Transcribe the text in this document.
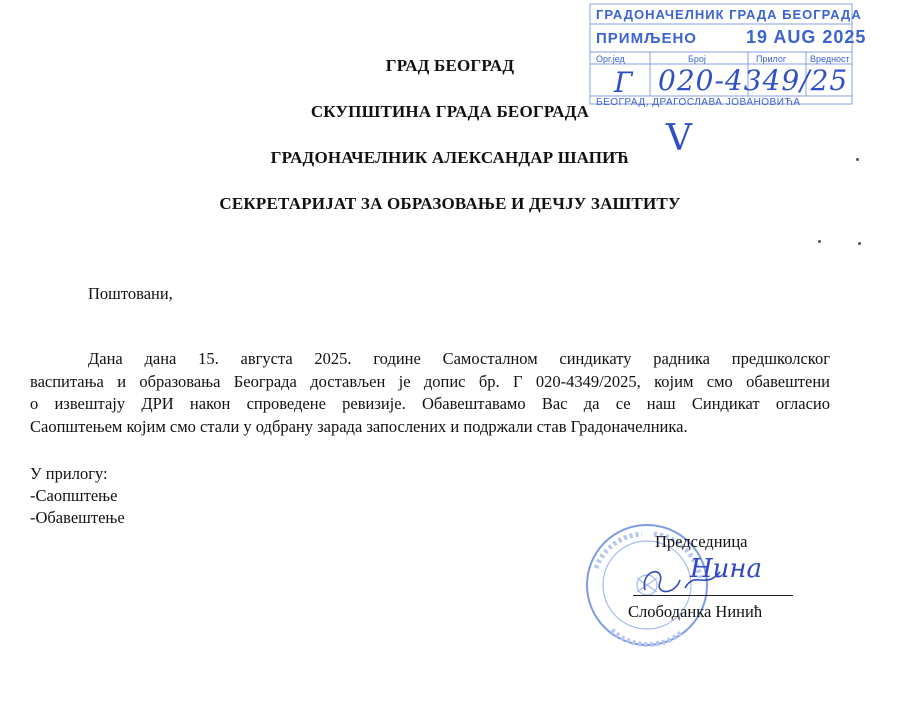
ГРАД БЕОГРАД
СКУПШТИНА ГРАДА БЕОГРАДА
ГРАДОНАЧЕЛНИК АЛЕКСАНДАР ШАПИЋ
СЕКРЕТАРИЈАТ ЗА ОБРАЗОВАЊЕ И ДЕЧЈУ ЗАШТИТУ
ГРАДОНАЧЕЛНИК ГРАДА БЕОГРАДА
ПРИМЉЕНО	19 AUG 2025
Орг.јед	Број	Прилог	Вредност
Г 020-4349/25
БЕОГРАД, ДРАГОСЛАВА ЈОВАНОВИЋА
V
Поштовани,
Дана дана 15. августа 2025. године Самосталном синдикату радника предшколског
васпитања и образовања Београда достављен је допис бр. Г 020-4349/2025, којим смо обавештени
о извештају ДРИ након спроведене ревизије. Обавештавамо Вас да се наш Синдикат огласио
Саопштењем којим смо стали у одбрану зарада запослених и подржали став Градоначелника.
У прилогу:
-Саопштење
-Обавештење
Председница
Нина
Слободанка Нинић
